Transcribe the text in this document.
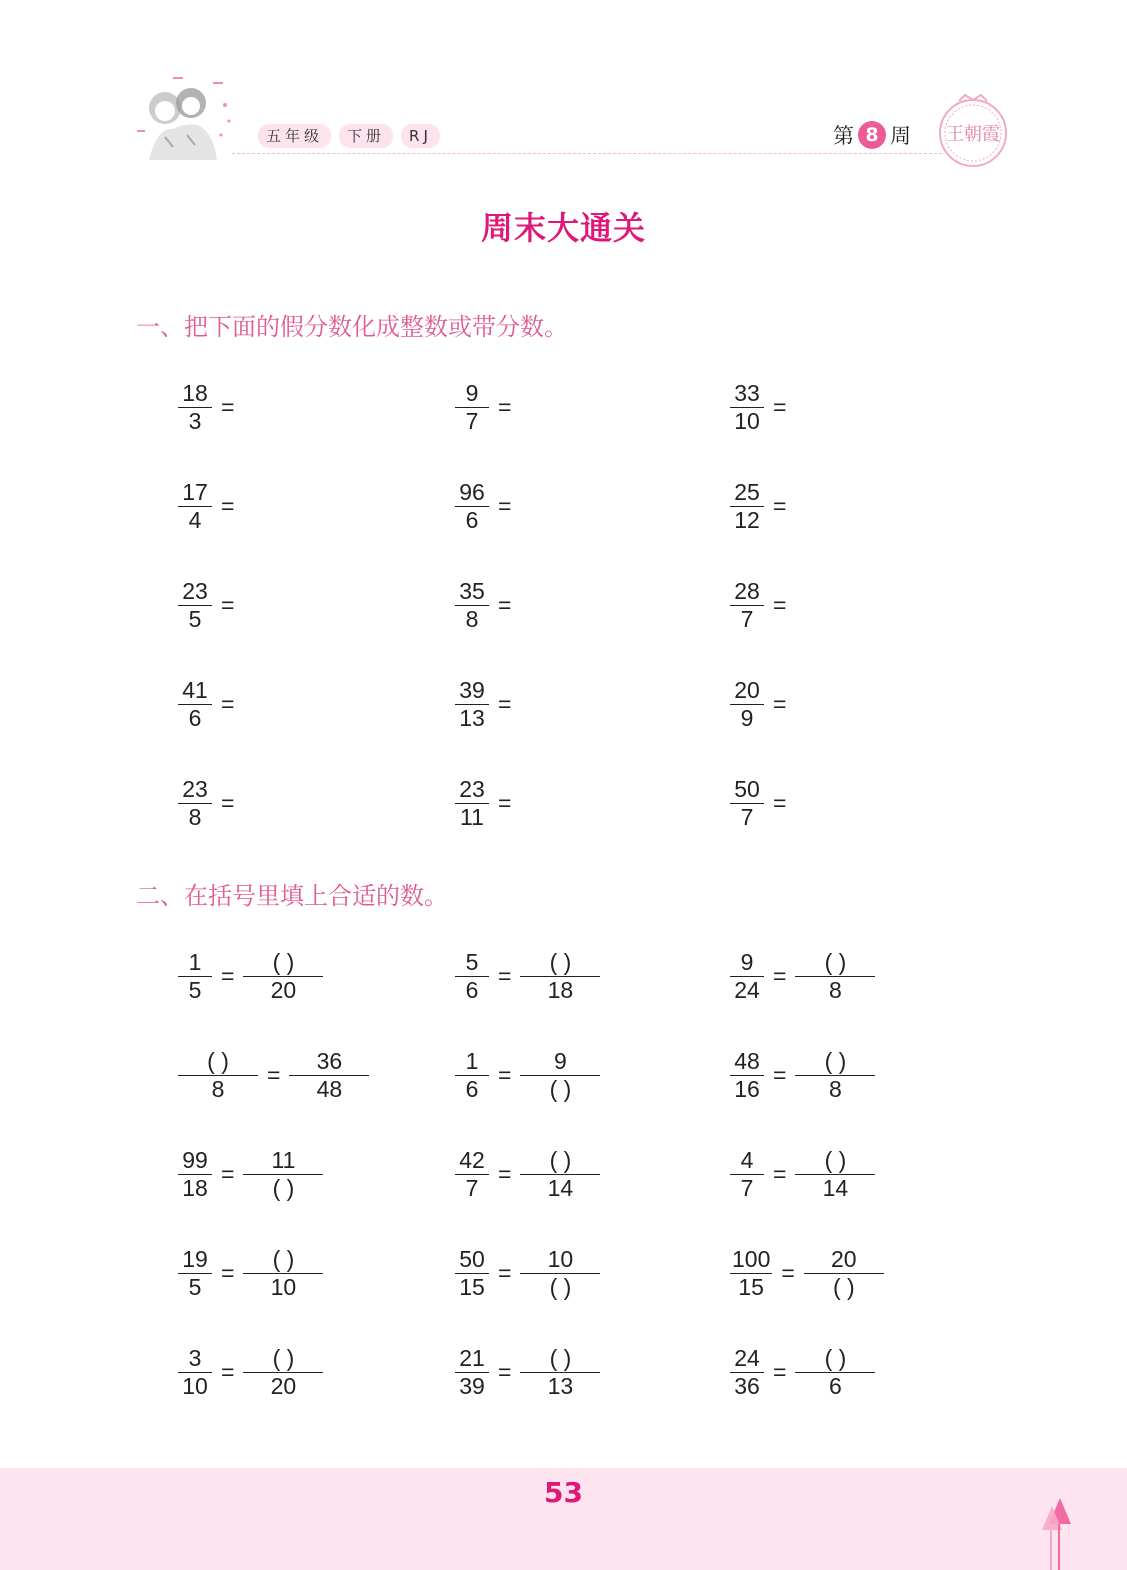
五年级	下册	RJ	第 8 周 王朝霞
周末大通关
一、把下面的假分数化成整数或带分数。
$\frac{18}{3}$ =	$\frac{9}{7}$ =	$\frac{33}{10}$ =
$\frac{17}{4}$ =	$\frac{96}{6}$ =	$\frac{25}{12}$ =
$\frac{23}{5}$ =	$\frac{35}{8}$ =	$\frac{28}{7}$ =
$\frac{41}{6}$ =	$\frac{39}{13}$ =	$\frac{20}{9}$ =
$\frac{23}{8}$ =	$\frac{23}{11}$ =	$\frac{50}{7}$ =
二、在括号里填上合适的数。
$\frac{1}{5} = \frac{( )}{20}$	$\frac{5}{6} = \frac{( )}{18}$	$\frac{9}{24} = \frac{( )}{8}$
$\frac{( )}{8} = \frac{36}{48}$	$\frac{1}{6} = \frac{9}{( )}$	$\frac{48}{16} = \frac{( )}{8}$
$\frac{99}{18} = \frac{11}{( )}$	$\frac{42}{7} = \frac{( )}{14}$	$\frac{4}{7} = \frac{( )}{14}$
$\frac{19}{5} = \frac{( )}{10}$	$\frac{50}{15} = \frac{10}{( )}$	$\frac{100}{15} = \frac{20}{( )}$
$\frac{3}{10} = \frac{( )}{20}$	$\frac{21}{39} = \frac{( )}{13}$	$\frac{24}{36} = \frac{( )}{6}$
53
